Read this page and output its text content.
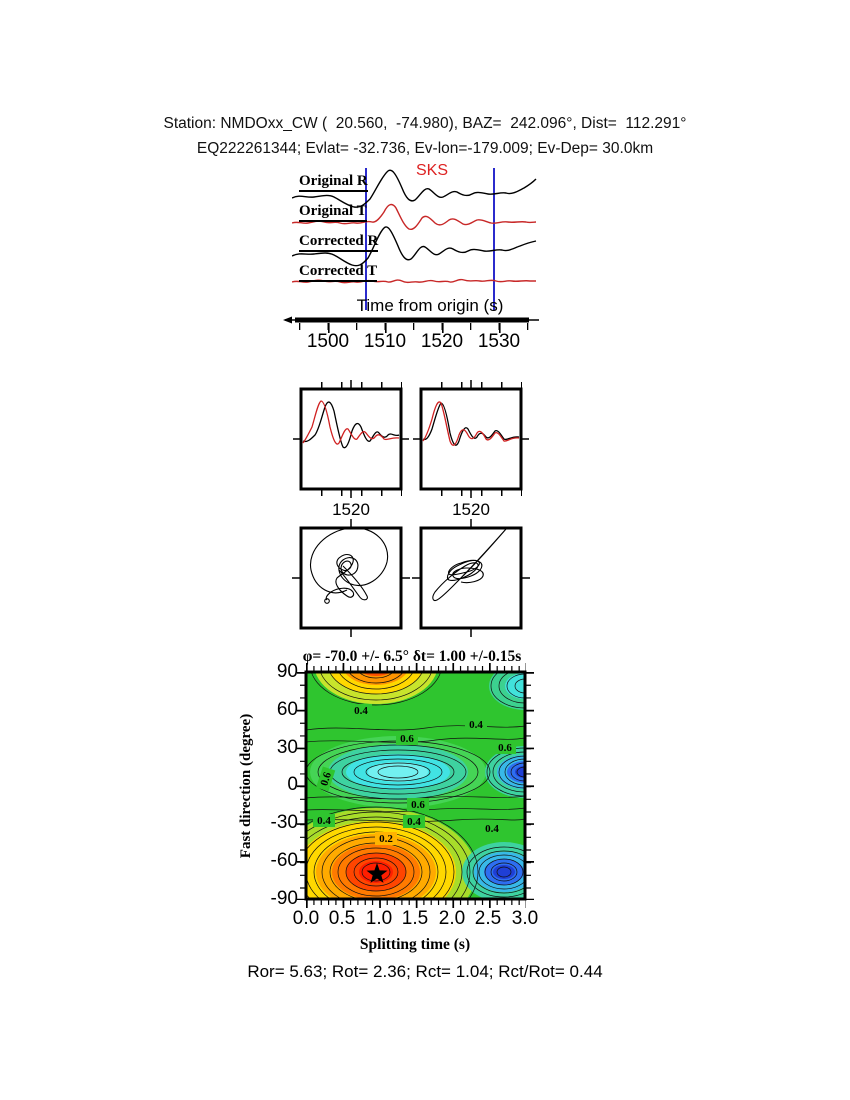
Station: NMDOxx_CW (  20.560,  -74.980), BAZ=  242.096°, Dist=  112.291°
EQ222261344; Evlat= -32.736, Ev-lon=-179.009; Ev-Dep= 30.0km
Original R
Original T
Corrected R
Corrected T
SKS
Time from origin (s)
1500 1510 1520 1530
1520	1520
φ= -70.0 +/- 6.5° δt= 1.00 +/-0.15s
Fast direction (degree)
0.4
0.4
0.6
0.6
0.6
0.6
0.4	0.4
0.4
0.2
90
60
30
0
-30
-60
-90
0.0 0.5 1.0 1.5 2.0 2.5 3.0
Splitting time (s)
Ror= 5.63; Rot= 2.36; Rct= 1.04; Rct/Rot= 0.44
